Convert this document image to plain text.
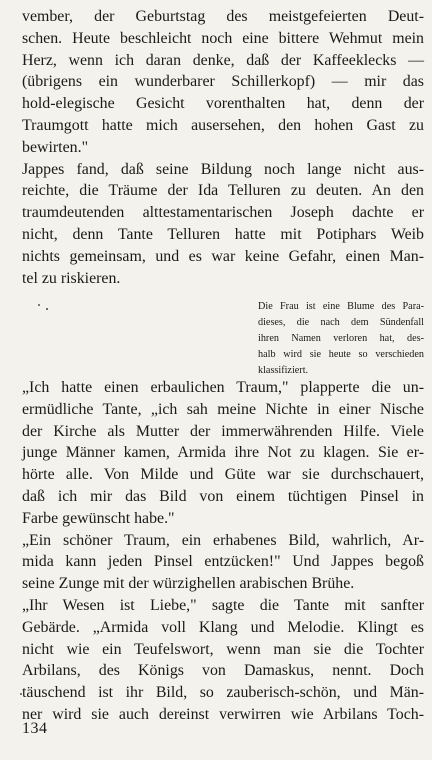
vember, der Geburtstag des meistgefeierten Deut-
schen. Heute beschleicht noch eine bittere Wehmut mein
Herz, wenn ich daran denke, daß der Kaffeeklecks —
(übrigens ein wunderbarer Schillerkopf) — mir das
hold-elegische Gesicht vorenthalten hat, denn der
Traumgott hatte mich ausersehen, den hohen Gast zu
bewirten."

Jappes fand, daß seine Bildung noch lange nicht aus-
reichte, die Träume der Ida Telluren zu deuten. An den
traumdeutenden alttestamentarischen Joseph dachte er
nicht, denn Tante Telluren hatte mit Potiphars Weib
nichts gemeinsam, und es war keine Gefahr, einen Man-
tel zu riskieren.

Die Frau ist eine Blume des Para-
dieses, die nach dem Sündenfall
ihren Namen verloren hat, des-
halb wird sie heute so verschieden
klassifiziert.

„Ich hatte einen erbaulichen Traum," plapperte die un-
ermüdliche Tante, „ich sah meine Nichte in einer Nische
der Kirche als Mutter der immerwährenden Hilfe. Viele
junge Männer kamen, Armida ihre Not zu klagen. Sie er-
hörte alle. Von Milde und Güte war sie durchschauert,
daß ich mir das Bild von einem tüchtigen Pinsel in
Farbe gewünscht habe."

„Ein schöner Traum, ein erhabenes Bild, wahrlich, Ar-
mida kann jeden Pinsel entzücken!" Und Jappes begoß
seine Zunge mit der würzighellen arabischen Brühe.

„Ihr Wesen ist Liebe," sagte die Tante mit sanfter
Gebärde. „Armida voll Klang und Melodie. Klingt es
nicht wie ein Teufelswort, wenn man sie die Tochter
Arbilans, des Königs von Damaskus, nennt. Doch
täuschend ist ihr Bild, so zauberisch-schön, und Män-
ner wird sie auch dereinst verwirren wie Arbilans Toch-

134
